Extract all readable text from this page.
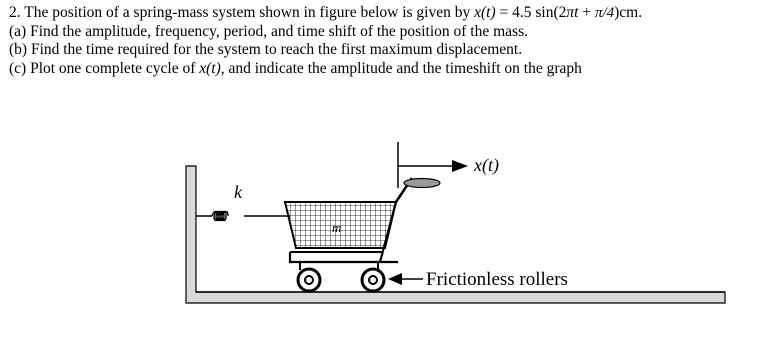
2. The position of a spring-mass system shown in figure below is given by x(t) = 4.5 sin(2πt + π/4)cm.
(a) Find the amplitude, frequency, period, and time shift of the position of the mass.
(b) Find the time required for the system to reach the first maximum displacement.
(c) Plot one complete cycle of x(t), and indicate the amplitude and the timeshift on the graph
k
m
x(t)
Frictionless rollers
